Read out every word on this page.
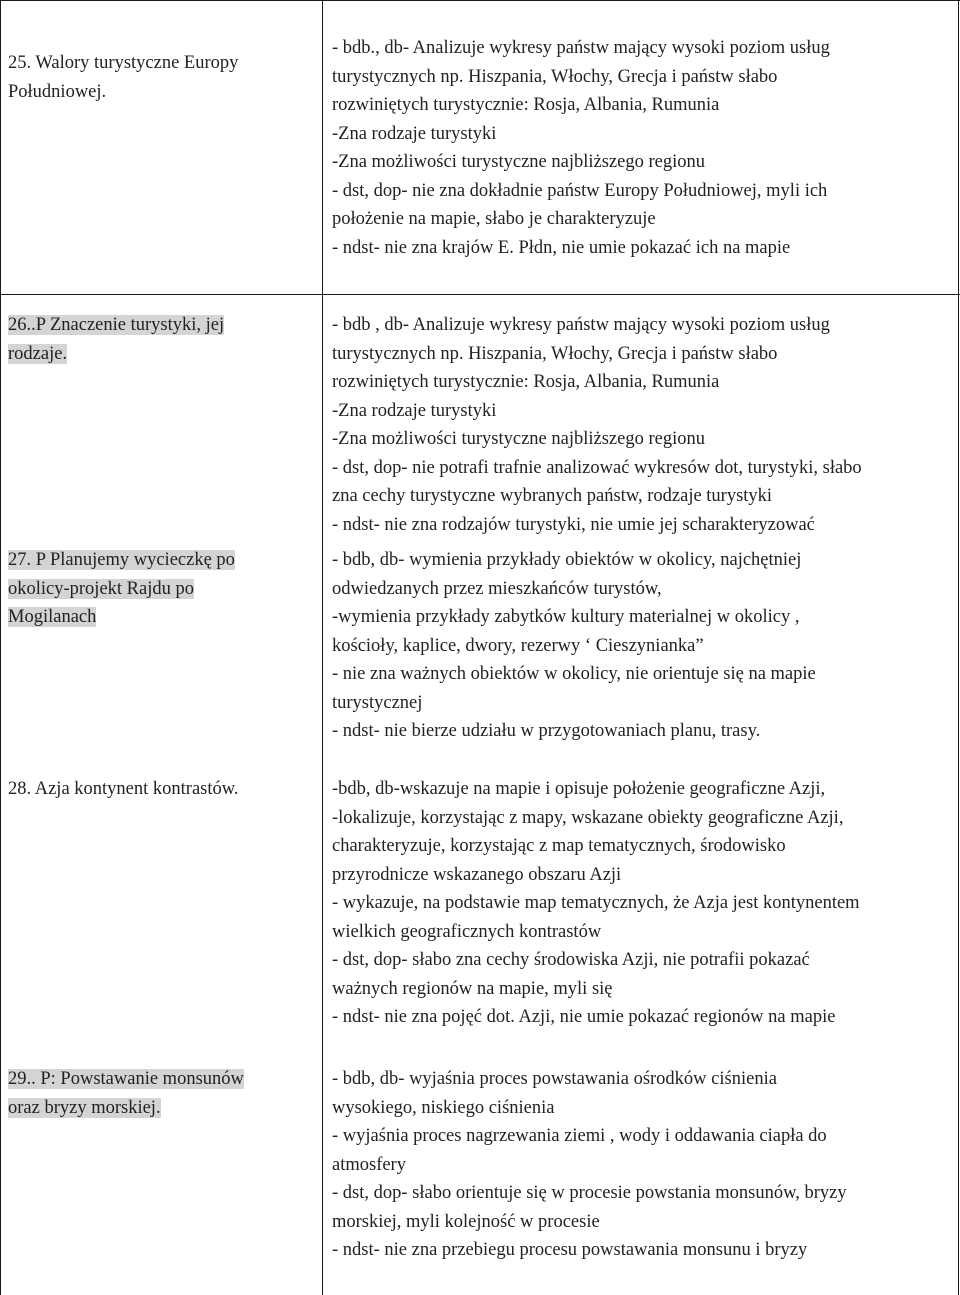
25. Walory turystyczne Europy
Południowej.
- bdb., db- Analizuje wykresy państw mający wysoki poziom usług
turystycznych np. Hiszpania, Włochy, Grecja i państw słabo
rozwiniętych turystycznie: Rosja, Albania, Rumunia
-Zna rodzaje turystyki
-Zna możliwości turystyczne najbliższego regionu
- dst, dop- nie zna dokładnie państw Europy Południowej, myli ich
położenie na mapie, słabo je charakteryzuje
- ndst- nie zna krajów E. Płdn, nie umie pokazać ich na mapie
26..P Znaczenie turystyki, jej
rodzaje.
- bdb , db- Analizuje wykresy państw mający wysoki poziom usług
turystycznych np. Hiszpania, Włochy, Grecja i państw słabo
rozwiniętych turystycznie: Rosja, Albania, Rumunia
-Zna rodzaje turystyki
-Zna możliwości turystyczne najbliższego regionu
- dst, dop- nie potrafi trafnie analizować wykresów dot, turystyki, słabo
zna cechy turystyczne wybranych państw, rodzaje turystyki
- ndst- nie zna rodzajów turystyki, nie umie jej scharakteryzować
27. P Planujemy wycieczkę po
okolicy-projekt Rajdu po
Mogilanach
- bdb, db- wymienia przykłady obiektów w okolicy, najchętniej
odwiedzanych przez mieszkańców turystów,
-wymienia przykłady zabytków kultury materialnej w okolicy ,
kościoły, kaplice, dwory, rezerwy ‘ Cieszynianka”
- nie zna ważnych obiektów w okolicy, nie orientuje się na mapie
turystycznej
- ndst- nie bierze udziału w przygotowaniach planu, trasy.
28. Azja kontynent kontrastów.	-bdb, db-wskazuje na mapie i opisuje położenie geograficzne Azji,
-lokalizuje, korzystając z mapy, wskazane obiekty geograficzne Azji,
charakteryzuje, korzystając z map tematycznych, środowisko
przyrodnicze wskazanego obszaru Azji
- wykazuje, na podstawie map tematycznych, że Azja jest kontynentem
wielkich geograficznych kontrastów
- dst, dop- słabo zna cechy środowiska Azji, nie potrafii pokazać
ważnych regionów na mapie, myli się
- ndst- nie zna pojęć dot. Azji, nie umie pokazać regionów na mapie
29.. P: Powstawanie monsunów
oraz bryzy morskiej.
- bdb, db- wyjaśnia proces powstawania ośrodków ciśnienia
wysokiego, niskiego ciśnienia
- wyjaśnia proces nagrzewania ziemi , wody i oddawania ciapła do
atmosfery
- dst, dop- słabo orientuje się w procesie powstania monsunów, bryzy
morskiej, myli kolejność w procesie
- ndst- nie zna przebiegu procesu powstawania monsunu i bryzy
